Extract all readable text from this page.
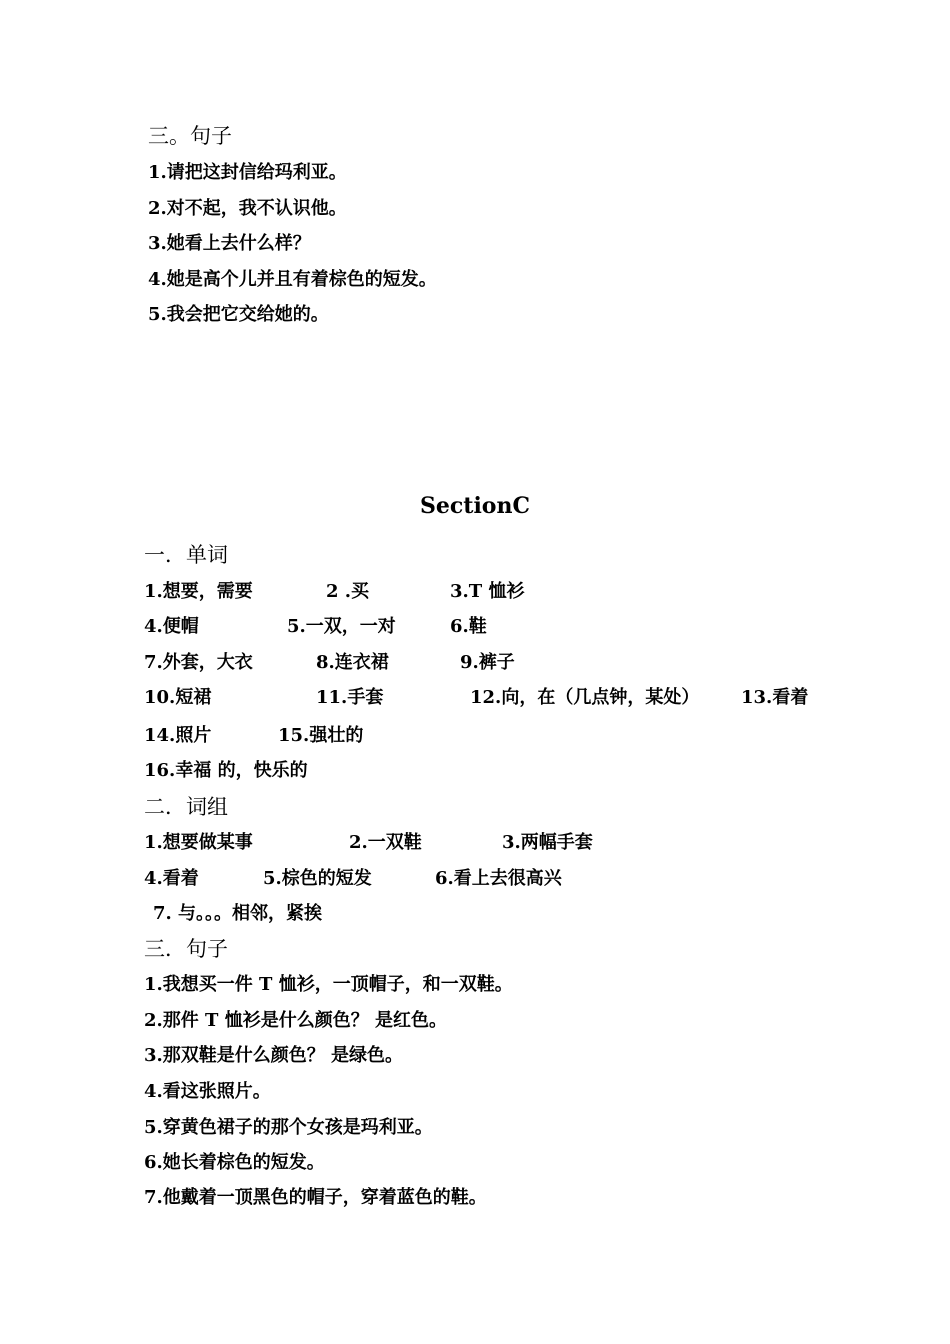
三。句子
1.请把这封信给玛利亚。
2.对不起，我不认识他。
3.她看上去什么样？
4.她是高个儿并且有着棕色的短发。
5.我会把它交给她的。
SectionC
一．单词
1.想要，需要	2 .买	3.T 恤衫
4.便帽	5.一双，一对	6.鞋
7.外套，大衣	8.连衣裙	9.裤子
10.短裙	11.手套	12.向，在（几点钟，某处） 13.看着
14.照片	15.强壮的
16.幸福 的，快乐的
二．词组
1.想要做某事	2.一双鞋	3.两幅手套
4.看着	5.棕色的短发	6.看上去很高兴
7. 与。。。相邻，紧挨
三．句子
1.我想买一件 T 恤衫，一顶帽子，和一双鞋。
2.那件 T 恤衫是什么颜色？ 是红色。
3.那双鞋是什么颜色？ 是绿色。
4.看这张照片。
5.穿黄色裙子的那个女孩是玛利亚。
6.她长着棕色的短发。
7.他戴着一顶黑色的帽子，穿着蓝色的鞋。
